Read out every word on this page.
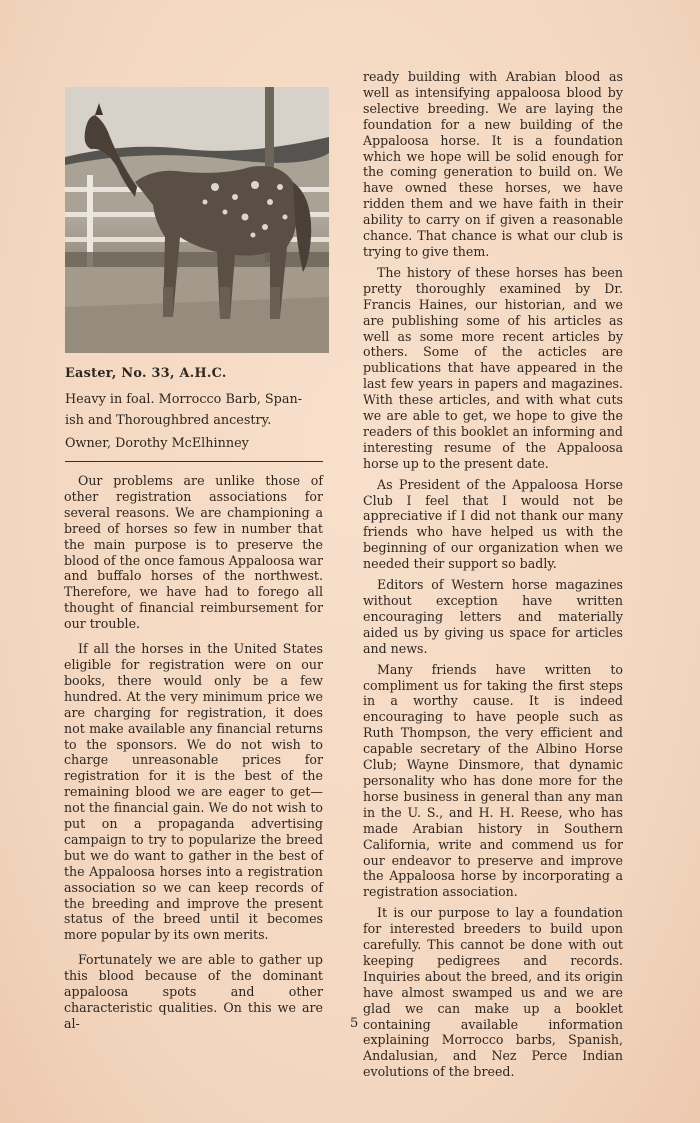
Easter, No. 33, A.H.C.
Heavy in foal. Morrocco Barb, Span-
ish and Thoroughbred ancestry.
Owner, Dorothy McElhinney

Our problems are unlike those of other registration associations for several reasons. We are championing a breed of horses so few in number that the main purpose is to preserve the blood of the once famous Appaloosa war and buffalo horses of the northwest. Therefore, we have had to forego all thought of financial reimbursement for our trouble.

If all the horses in the United States eligible for registration were on our books, there would only be a few hundred. At the very minimum price we are charging for registration, it does not make available any financial returns to the sponsors. We do not wish to charge unreasonable prices for registration for it is the best of the remaining blood we are eager to get—not the financial gain. We do not wish to put on a propaganda advertising campaign to try to popularize the breed but we do want to gather in the best of the Appaloosa horses into a registration association so we can keep records of the breeding and improve the present status of the breed until it becomes more popular by its own merits.

Fortunately we are able to gather up this blood because of the dominant appaloosa spots and other characteristic qualities. On this we are al-

ready building with Arabian blood as well as intensifying appaloosa blood by selective breeding. We are laying the foundation for a new building of the Appaloosa horse. It is a foundation which we hope will be solid enough for the coming generation to build on. We have owned these horses, we have ridden them and we have faith in their ability to carry on if given a reasonable chance. That chance is what our club is trying to give them.

The history of these horses has been pretty thoroughly examined by Dr. Francis Haines, our historian, and we are publishing some of his articles as well as some more recent articles by others. Some of the acticles are publications that have appeared in the last few years in papers and magazines. With these articles, and with what cuts we are able to get, we hope to give the readers of this booklet an informing and interesting resume of the Appaloosa horse up to the present date.

As President of the Appaloosa Horse Club I feel that I would not be appreciative if I did not thank our many friends who have helped us with the beginning of our organization when we needed their support so badly.

Editors of Western horse magazines without exception have written encouraging letters and materially aided us by giving us space for articles and news.

Many friends have written to compliment us for taking the first steps in a worthy cause. It is indeed encouraging to have people such as Ruth Thompson, the very efficient and capable secretary of the Albino Horse Club; Wayne Dinsmore, that dynamic personality who has done more for the horse business in general than any man in the U. S., and H. H. Reese, who has made Arabian history in Southern California, write and commend us for our endeavor to preserve and improve the Appaloosa horse by incorporating a registration association.

It is our purpose to lay a foundation for interested breeders to build upon carefully. This cannot be done with out keeping pedigrees and records. Inquiries about the breed, and its origin have almost swamped us and we are glad we can make up a booklet containing available information explaining Morrocco barbs, Spanish, Andalusian, and Nez Perce Indian evolutions of the breed.

5
